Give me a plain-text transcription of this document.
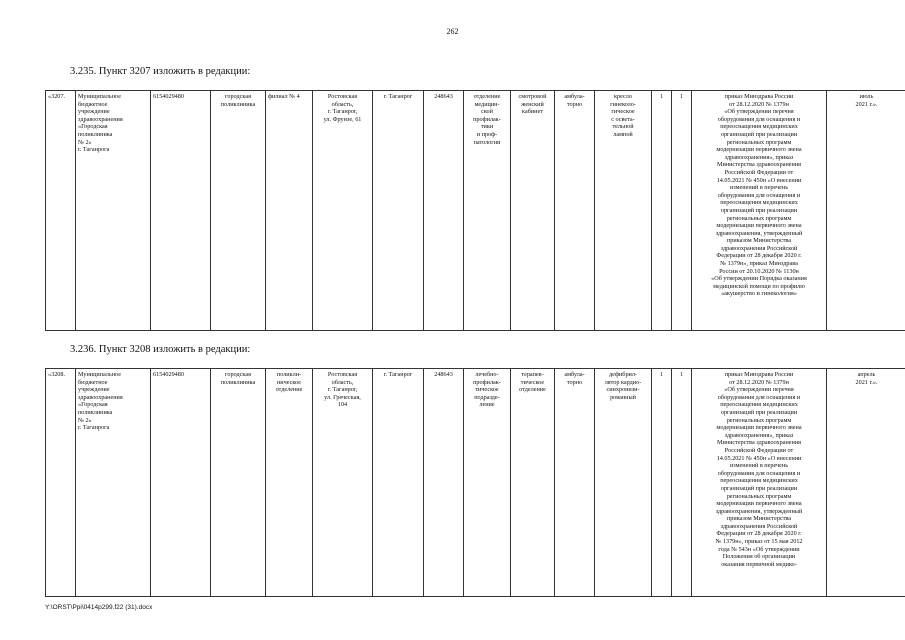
262
3.235. Пункт 3207 изложить в редакции:
«3207.	Муниципальное
бюджетное
учреждение
здравоохранения
«Городская
поликлиника
№ 2»
г. Таганрога	6154029480	городская
поликлиника	филиал № 4	Ростовская
область,
г. Таганрог,
ул. Фрунзе, 61	г. Таганрог	248643	отделение
медицин-
ской
профилак-
тики
и проф-
патологии	смотровой
женский
кабинет	амбула-
торно	кресло
гинеколо-
гическое
с освета-
тельной
лампой	1	1	приказ Минздрава России
от 28.12.2020 № 1379н
«Об утверждении перечня
оборудования для оснащения и
переоснащения медицинских
организаций при реализации
региональных программ
модернизации первичного звена
здравоохранения», приказ
Министерства здравоохранения
Российской Федерации от
14.05.2021 № 450н «О внесении
изменений в перечень
оборудования для оснащения и
переоснащения медицинских
организаций при реализации
региональных программ
модернизации первичного звена
здравоохранения, утвержденный
приказом Министерства
здравоохранения Российской
Федерации от 28 декабря 2020 г.
№ 1379н», приказ Минздрава
России от 20.10.2020 № 1130н
«Об утверждении Порядка оказания
медицинской помощи по профилю
«акушерство и гинекология»	июль
2021 г.».
3.236. Пункт 3208 изложить в редакции:
«3208.	Муниципальное
бюджетное
учреждение
здравоохранения
«Городская
поликлиника
№ 2»
г. Таганрога	6154029480	городская
поликлиника	поликли-
ническое
отделение	Ростовская
область,
г. Таганрог,
ул. Греческая,
104	г. Таганрог	248643	лечебно-
профилак-
тическое
подразде-
ление	терапев-
тическое
отделение	амбула-
торно	дефибрил-
лятор кардио-
синхронизи-
рованный	1	1	приказ Минздрава России
от 28.12.2020 № 1379н
«Об утверждении перечня
оборудования для оснащения и
переоснащения медицинских
организаций при реализации
региональных программ
модернизации первичного звена
здравоохранения», приказ
Министерства здравоохранения
Российской Федерации от
14.05.2021 № 450н «О внесении
изменений в перечень
оборудования для оснащения и
переоснащения медицинских
организаций при реализации
региональных программ
модернизации первичного звена
здравоохранения, утвержденный
приказом Министерства
здравоохранения Российской
Федерации от 28 декабря 2020 г.
№ 1379н», приказ от 15 мая 2012
года № 543н «Об утверждении
Положения об организации
оказания первичной медико-	апрель
2021 г.».
Y:\ORST\Ppi\0414p299.f22 (31).docx
